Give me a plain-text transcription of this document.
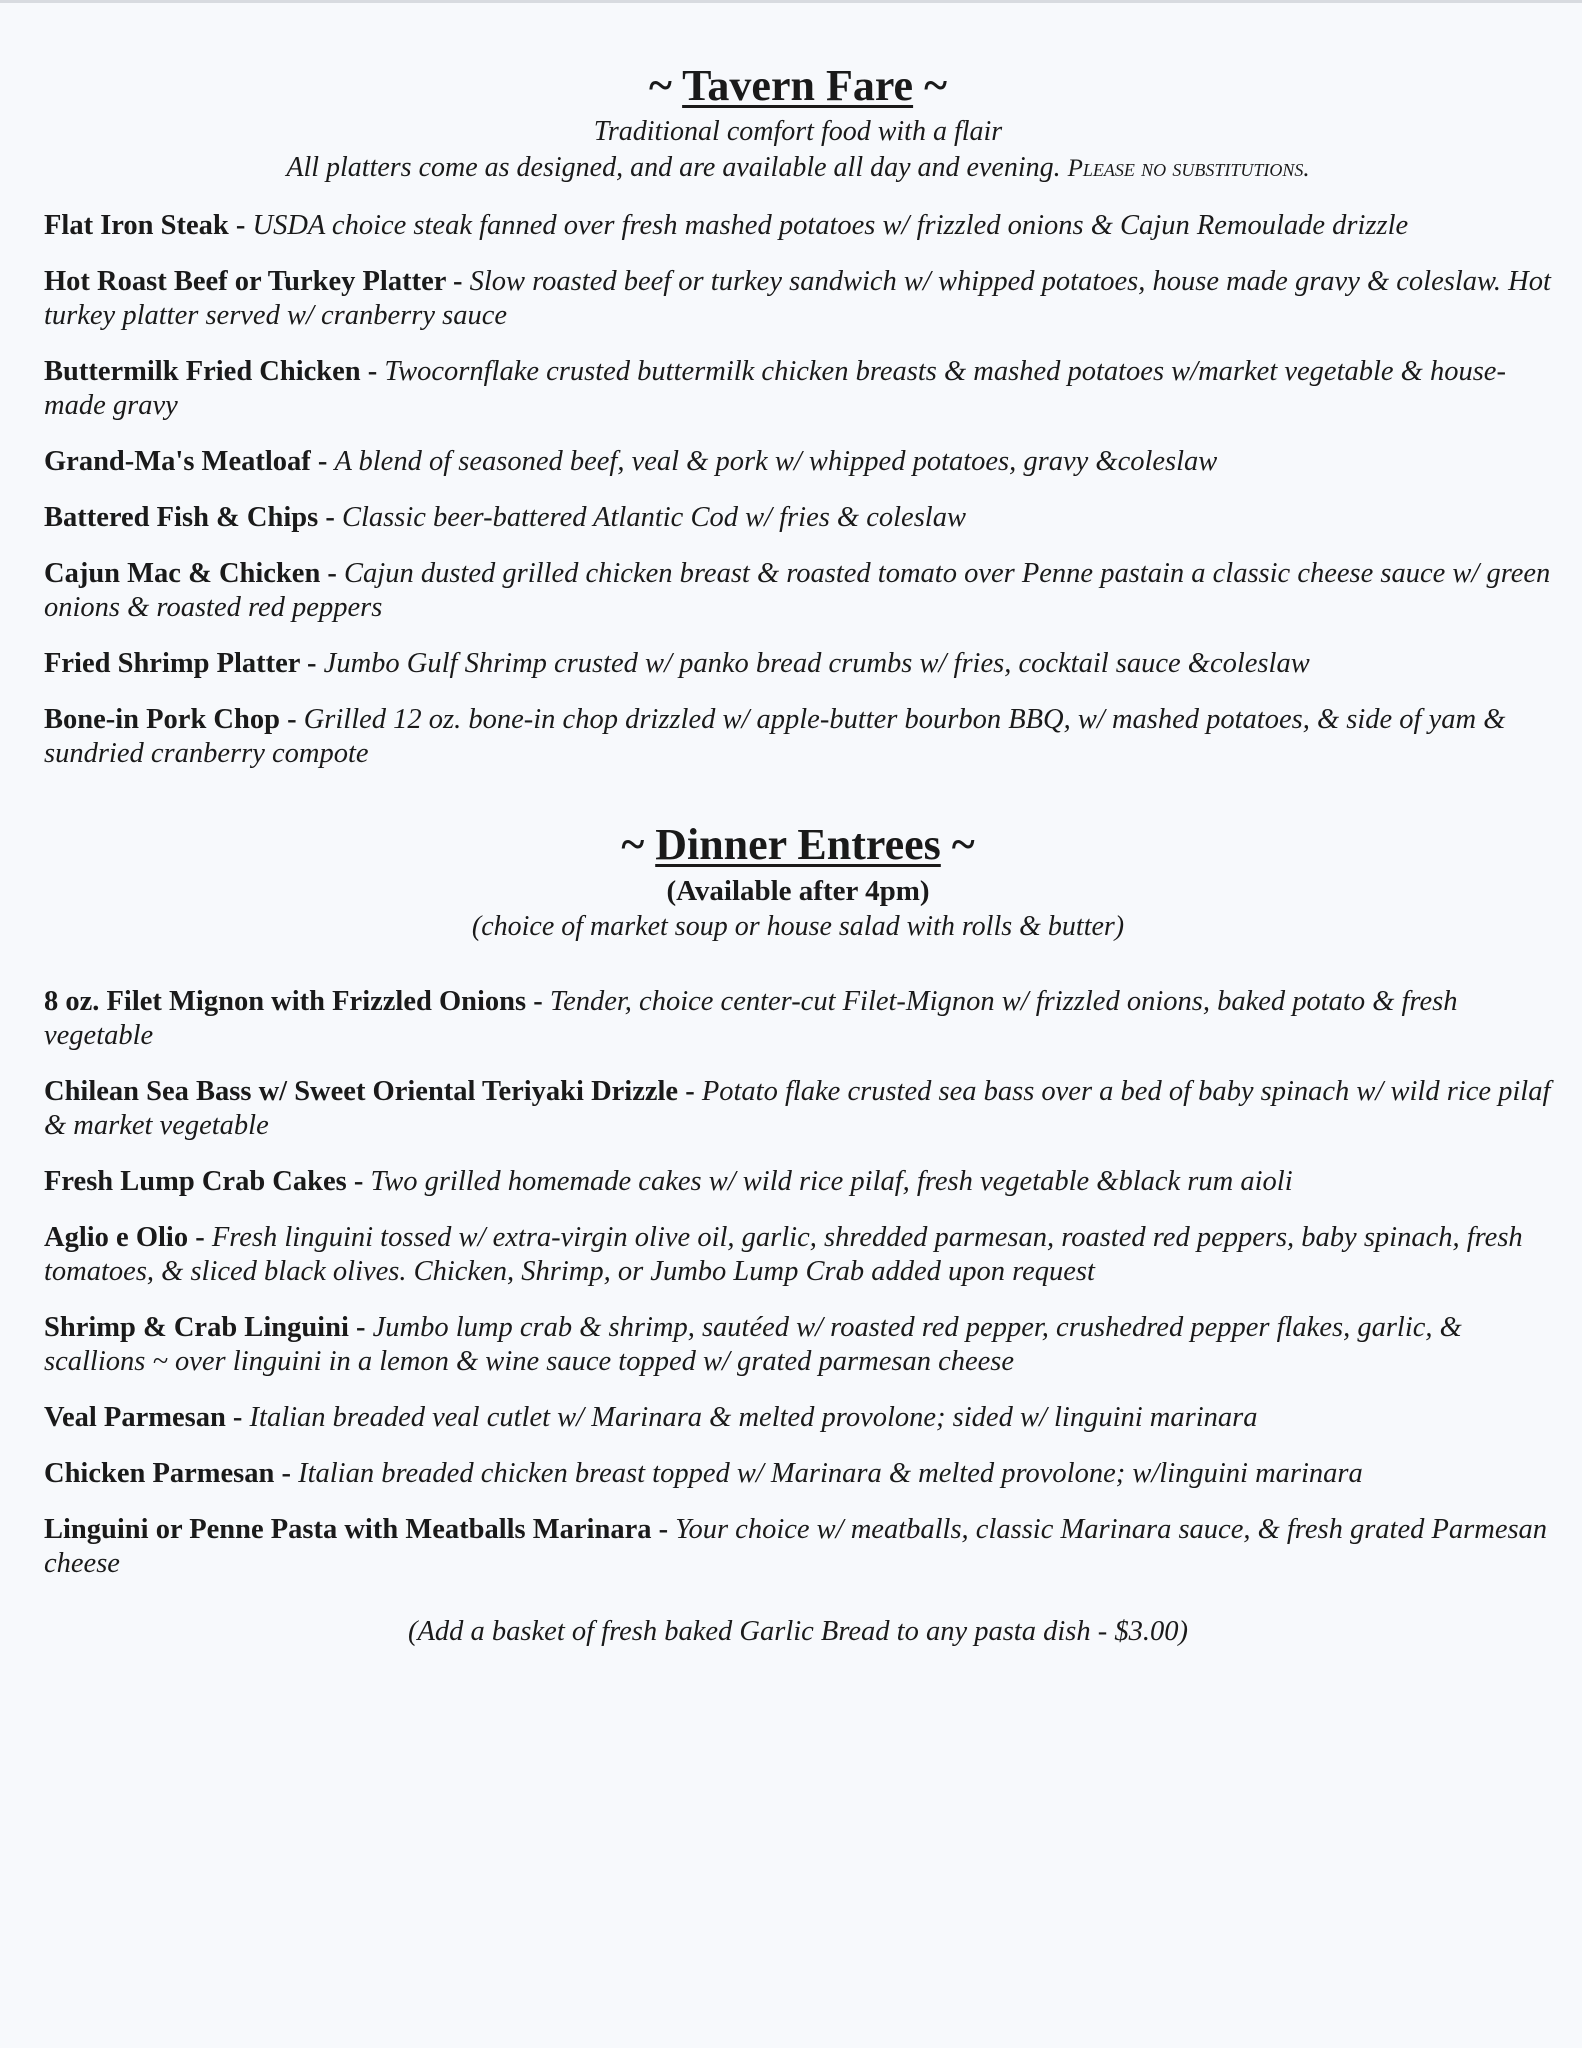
~ Tavern Fare ~
Traditional comfort food with a flair
All platters come as designed, and are available all day and evening. Please no substitutions.
Flat Iron Steak - USDA choice steak fanned over fresh mashed potatoes w/ frizzled onions & Cajun Remoulade drizzle
Hot Roast Beef or Turkey Platter - Slow roasted beef or turkey sandwich w/ whipped potatoes, house made gravy & coleslaw. Hot turkey platter served w/ cranberry sauce
Buttermilk Fried Chicken - Twocornflake crusted buttermilk chicken breasts & mashed potatoes w/market vegetable & house-made gravy
Grand-Ma's Meatloaf - A blend of seasoned beef, veal & pork w/ whipped potatoes, gravy &coleslaw
Battered Fish & Chips - Classic beer-battered Atlantic Cod w/ fries & coleslaw
Cajun Mac & Chicken - Cajun dusted grilled chicken breast & roasted tomato over Penne pastain a classic cheese sauce w/ green onions & roasted red peppers
Fried Shrimp Platter - Jumbo Gulf Shrimp crusted w/ panko bread crumbs w/ fries, cocktail sauce &coleslaw
Bone-in Pork Chop - Grilled 12 oz. bone-in chop drizzled w/ apple-butter bourbon BBQ, w/ mashed potatoes, & side of yam & sundried cranberry compote
~ Dinner Entrees ~
(Available after 4pm)
(choice of market soup or house salad with rolls & butter)
8 oz. Filet Mignon with Frizzled Onions - Tender, choice center-cut Filet-Mignon w/ frizzled onions, baked potato & fresh vegetable
Chilean Sea Bass w/ Sweet Oriental Teriyaki Drizzle - Potato flake crusted sea bass over a bed of baby spinach w/ wild rice pilaf & market vegetable
Fresh Lump Crab Cakes - Two grilled homemade cakes w/ wild rice pilaf, fresh vegetable &black rum aioli
Aglio e Olio - Fresh linguini tossed w/ extra-virgin olive oil, garlic, shredded parmesan, roasted red peppers, baby spinach, fresh tomatoes, & sliced black olives. Chicken, Shrimp, or Jumbo Lump Crab added upon request
Shrimp & Crab Linguini - Jumbo lump crab & shrimp, sautéed w/ roasted red pepper, crushedred pepper flakes, garlic, & scallions ~ over linguini in a lemon & wine sauce topped w/ grated parmesan cheese
Veal Parmesan - Italian breaded veal cutlet w/ Marinara & melted provolone; sided w/ linguini marinara
Chicken Parmesan - Italian breaded chicken breast topped w/ Marinara & melted provolone; w/linguini marinara
Linguini or Penne Pasta with Meatballs Marinara - Your choice w/ meatballs, classic Marinara sauce, & fresh grated Parmesan cheese
(Add a basket of fresh baked Garlic Bread to any pasta dish - $3.00)
